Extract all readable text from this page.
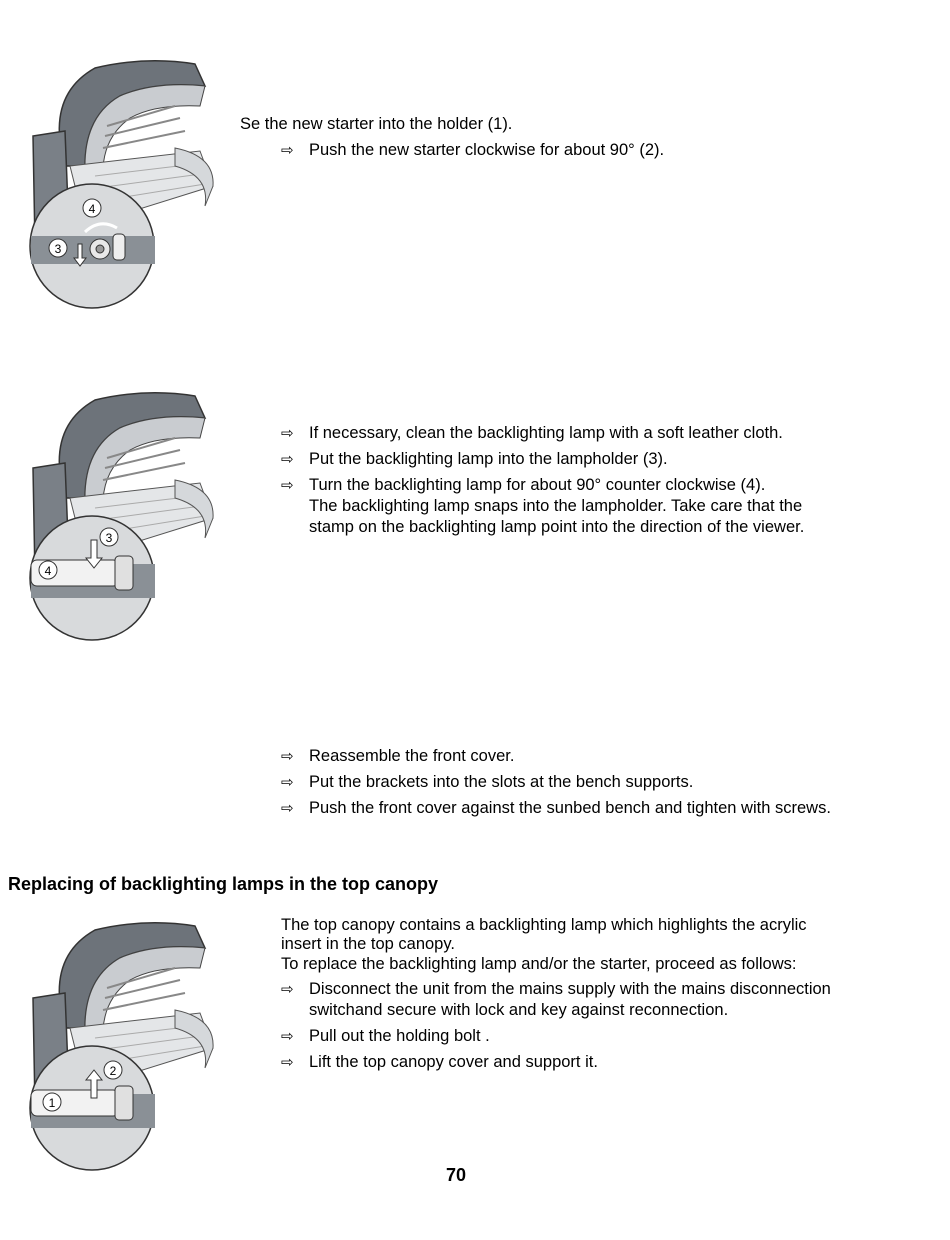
4
3
Se the new starter into the holder (1).
⇨ Push the new starter clockwise for about 90° (2).
3
4
⇨ If necessary, clean the backlighting lamp with a soft leather cloth.
⇨ Put the backlighting lamp into the lampholder (3).
⇨ Turn the backlighting lamp for about 90° counter clockwise (4).
The backlighting lamp snaps into the lampholder. Take care that the
stamp on the backlighting lamp point into the direction of the viewer.
⇨ Reassemble the front cover.
⇨ Put the brackets into the slots at the bench supports.
⇨ Push the front cover against the sunbed bench and tighten with screws.
Replacing of backlighting lamps in the top canopy
2
1
The top canopy contains a backlighting lamp which highlights the acrylic
insert in the top canopy.
To replace the backlighting lamp and/or the starter, proceed as follows:
⇨ Disconnect the unit from the mains supply with the mains disconnection
switchand secure with lock and key against reconnection.
⇨ Pull out the holding bolt .
⇨ Lift the top canopy cover and support it.
70
